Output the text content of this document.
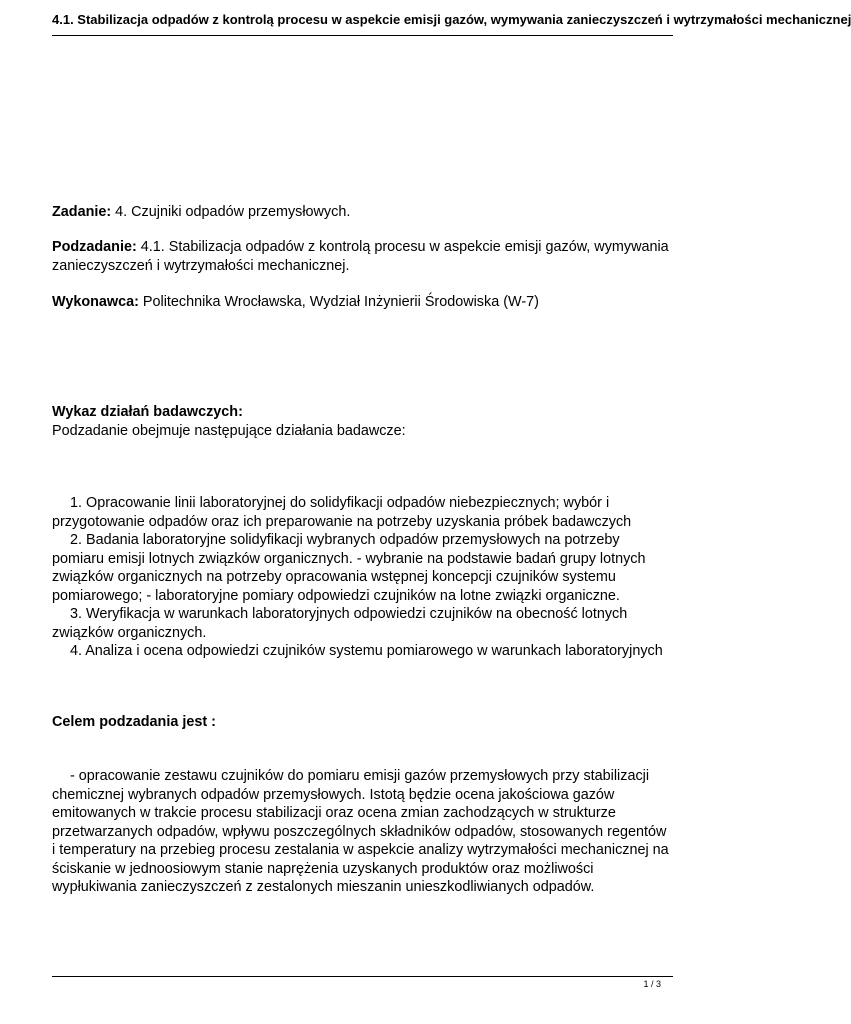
4.1. Stabilizacja odpadów z kontrolą procesu w aspekcie emisji gazów, wymywania zanieczyszczeń i wytrzymałości mechanicznej
Zadanie: 4. Czujniki odpadów przemysłowych.
Podzadanie: 4.1. Stabilizacja odpadów z kontrolą procesu w aspekcie emisji gazów, wymywania zanieczyszczeń i wytrzymałości mechanicznej.
Wykonawca: Politechnika Wrocławska, Wydział Inżynierii Środowiska (W-7)
Wykaz działań badawczych:
Podzadanie obejmuje następujące działania badawcze:
1. Opracowanie linii laboratoryjnej do solidyfikacji odpadów niebezpiecznych; wybór i przygotowanie odpadów oraz ich preparowanie na potrzeby uzyskania próbek badawczych
2. Badania laboratoryjne solidyfikacji wybranych odpadów przemysłowych na potrzeby pomiaru emisji lotnych związków organicznych. - wybranie na podstawie badań grupy lotnych związków organicznych na potrzeby opracowania wstępnej koncepcji czujników systemu pomiarowego; - laboratoryjne pomiary odpowiedzi czujników na lotne związki organiczne.
3. Weryfikacja w warunkach laboratoryjnych odpowiedzi czujników na obecność lotnych związków organicznych.
4. Analiza i ocena odpowiedzi czujników systemu pomiarowego w warunkach laboratoryjnych
Celem podzadania jest :
- opracowanie zestawu czujników do pomiaru emisji gazów przemysłowych przy stabilizacji chemicznej wybranych odpadów przemysłowych. Istotą będzie ocena jakościowa gazów emitowanych w trakcie procesu stabilizacji oraz ocena zmian zachodzących w strukturze przetwarzanych odpadów, wpływu poszczególnych składników odpadów, stosowanych regentów i temperatury na przebieg procesu zestalania w aspekcie analizy wytrzymałości mechanicznej na ściskanie w jednoosiowym stanie naprężenia uzyskanych produktów oraz możliwości wypłukiwania zanieczyszczeń z zestalonych mieszanin unieszkodliwianych odpadów.
1 / 3
